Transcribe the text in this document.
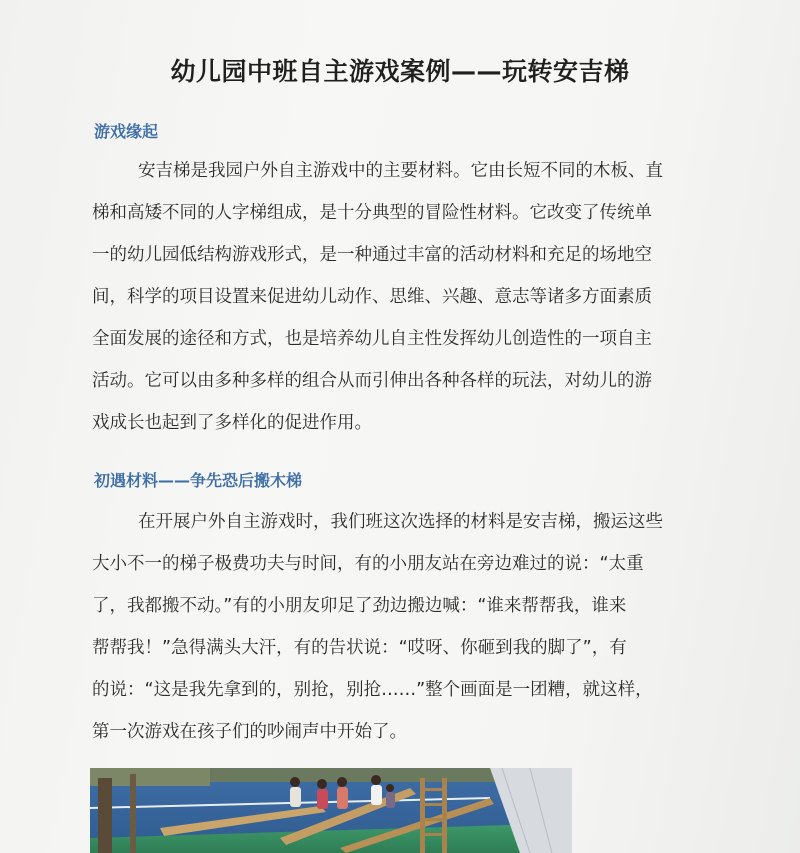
幼儿园中班自主游戏案例——玩转安吉梯
游戏缘起
安吉梯是我园户外自主游戏中的主要材料。它由长短不同的木板、直
梯和高矮不同的人字梯组成，是十分典型的冒险性材料。它改变了传统单
一的幼儿园低结构游戏形式，是一种通过丰富的活动材料和充足的场地空
间，科学的项目设置来促进幼儿动作、思维、兴趣、意志等诸多方面素质
全面发展的途径和方式，也是培养幼儿自主性发挥幼儿创造性的一项自主
活动。它可以由多种多样的组合从而引伸出各种各样的玩法，对幼儿的游
戏成长也起到了多样化的促进作用。
初遇材料——争先恐后搬木梯
在开展户外自主游戏时，我们班这次选择的材料是安吉梯，搬运这些
大小不一的梯子极费功夫与时间，有的小朋友站在旁边难过的说：“太重
了，我都搬不动。”有的小朋友卯足了劲边搬边喊：“谁来帮帮我，谁来
帮帮我！”急得满头大汗，有的告状说：“哎呀、你砸到我的脚了”，有
的说：“这是我先拿到的，别抢，别抢……”整个画面是一团糟，就这样，
第一次游戏在孩子们的吵闹声中开始了。
